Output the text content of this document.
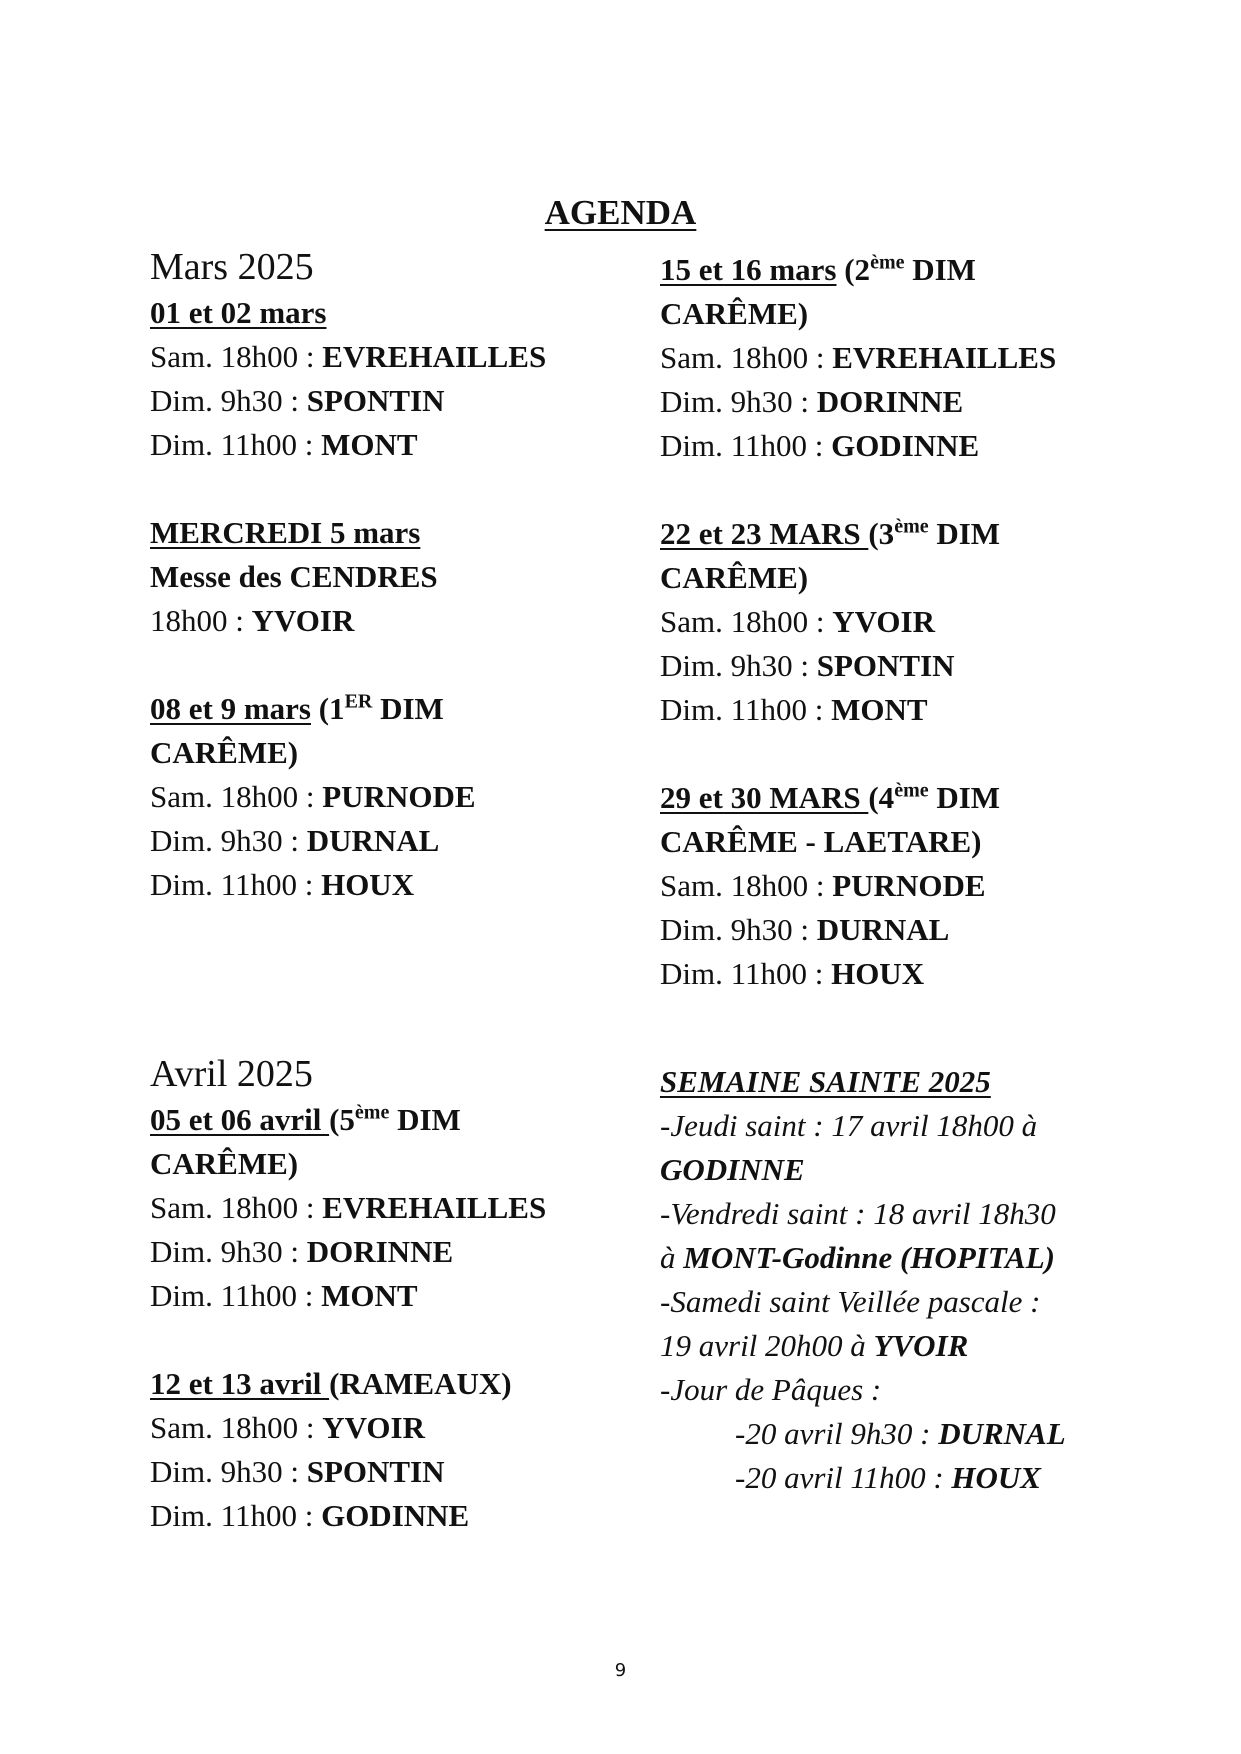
AGENDA
Mars 2025
01 et 02 mars
Sam. 18h00 : EVREHAILLES
Dim. 9h30 : SPONTIN
Dim. 11h00 : MONT
MERCREDI 5 mars
Messe des CENDRES
18h00 : YVOIR
08 et 9 mars (1ER DIM
CARÊME)
Sam. 18h00 : PURNODE
Dim. 9h30 : DURNAL
Dim. 11h00 : HOUX
15 et 16 mars (2ème DIM
CARÊME)
Sam. 18h00 : EVREHAILLES
Dim. 9h30 : DORINNE
Dim. 11h00 : GODINNE
22 et 23 MARS (3ème DIM
CARÊME)
Sam. 18h00 : YVOIR
Dim. 9h30 : SPONTIN
Dim. 11h00 : MONT
29 et 30 MARS (4ème DIM
CARÊME - LAETARE)
Sam. 18h00 : PURNODE
Dim. 9h30 : DURNAL
Dim. 11h00 : HOUX
Avril 2025
05 et 06 avril (5ème DIM
CARÊME)
Sam. 18h00 : EVREHAILLES
Dim. 9h30 : DORINNE
Dim. 11h00 : MONT
12 et 13 avril (RAMEAUX)
Sam. 18h00 : YVOIR
Dim. 9h30 : SPONTIN
Dim. 11h00 : GODINNE
SEMAINE SAINTE 2025
-Jeudi saint : 17 avril 18h00 à
GODINNE
-Vendredi saint : 18 avril 18h30
à MONT-Godinne (HOPITAL)
-Samedi saint Veillée pascale :
19 avril 20h00 à YVOIR
-Jour de Pâques :
-20 avril 9h30 : DURNAL
-20 avril 11h00 : HOUX
9
